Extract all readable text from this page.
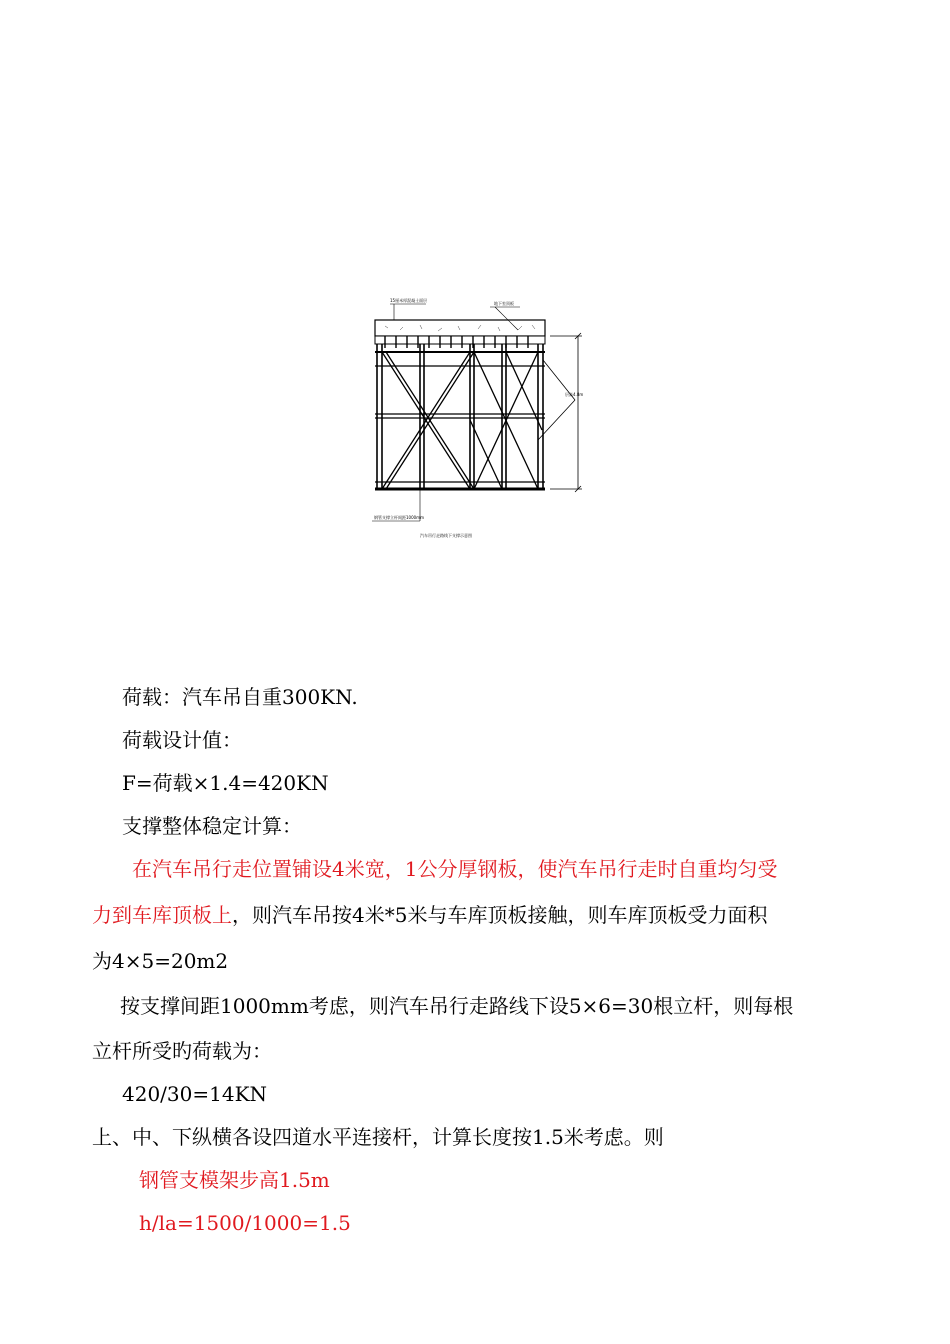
层高4.8m
15厘米厚混凝土面层
地下室顶板
钢管支撑立杆间距1000mm
汽车吊行走路线下支撑示意图
荷载：汽车吊自重300KN.
荷载设计值：
F=荷载×1.4=420KN
支撑整体稳定计算：
在汽车吊行走位置铺设4米宽，1公分厚钢板，使汽车吊行走时自重均匀受
力到车库顶板上，则汽车吊按4米*5米与车库顶板接触，则车库顶板受力面积
为4×5=20m2
按支撑间距1000mm考虑，则汽车吊行走路线下设5×6=30根立杆，则每根
立杆所受旳荷载为：
420/30=14KN
上、中、下纵横各设四道水平连接杆，计算长度按1.5米考虑。则
钢管支模架步高1.5m
h/la=1500/1000=1.5
